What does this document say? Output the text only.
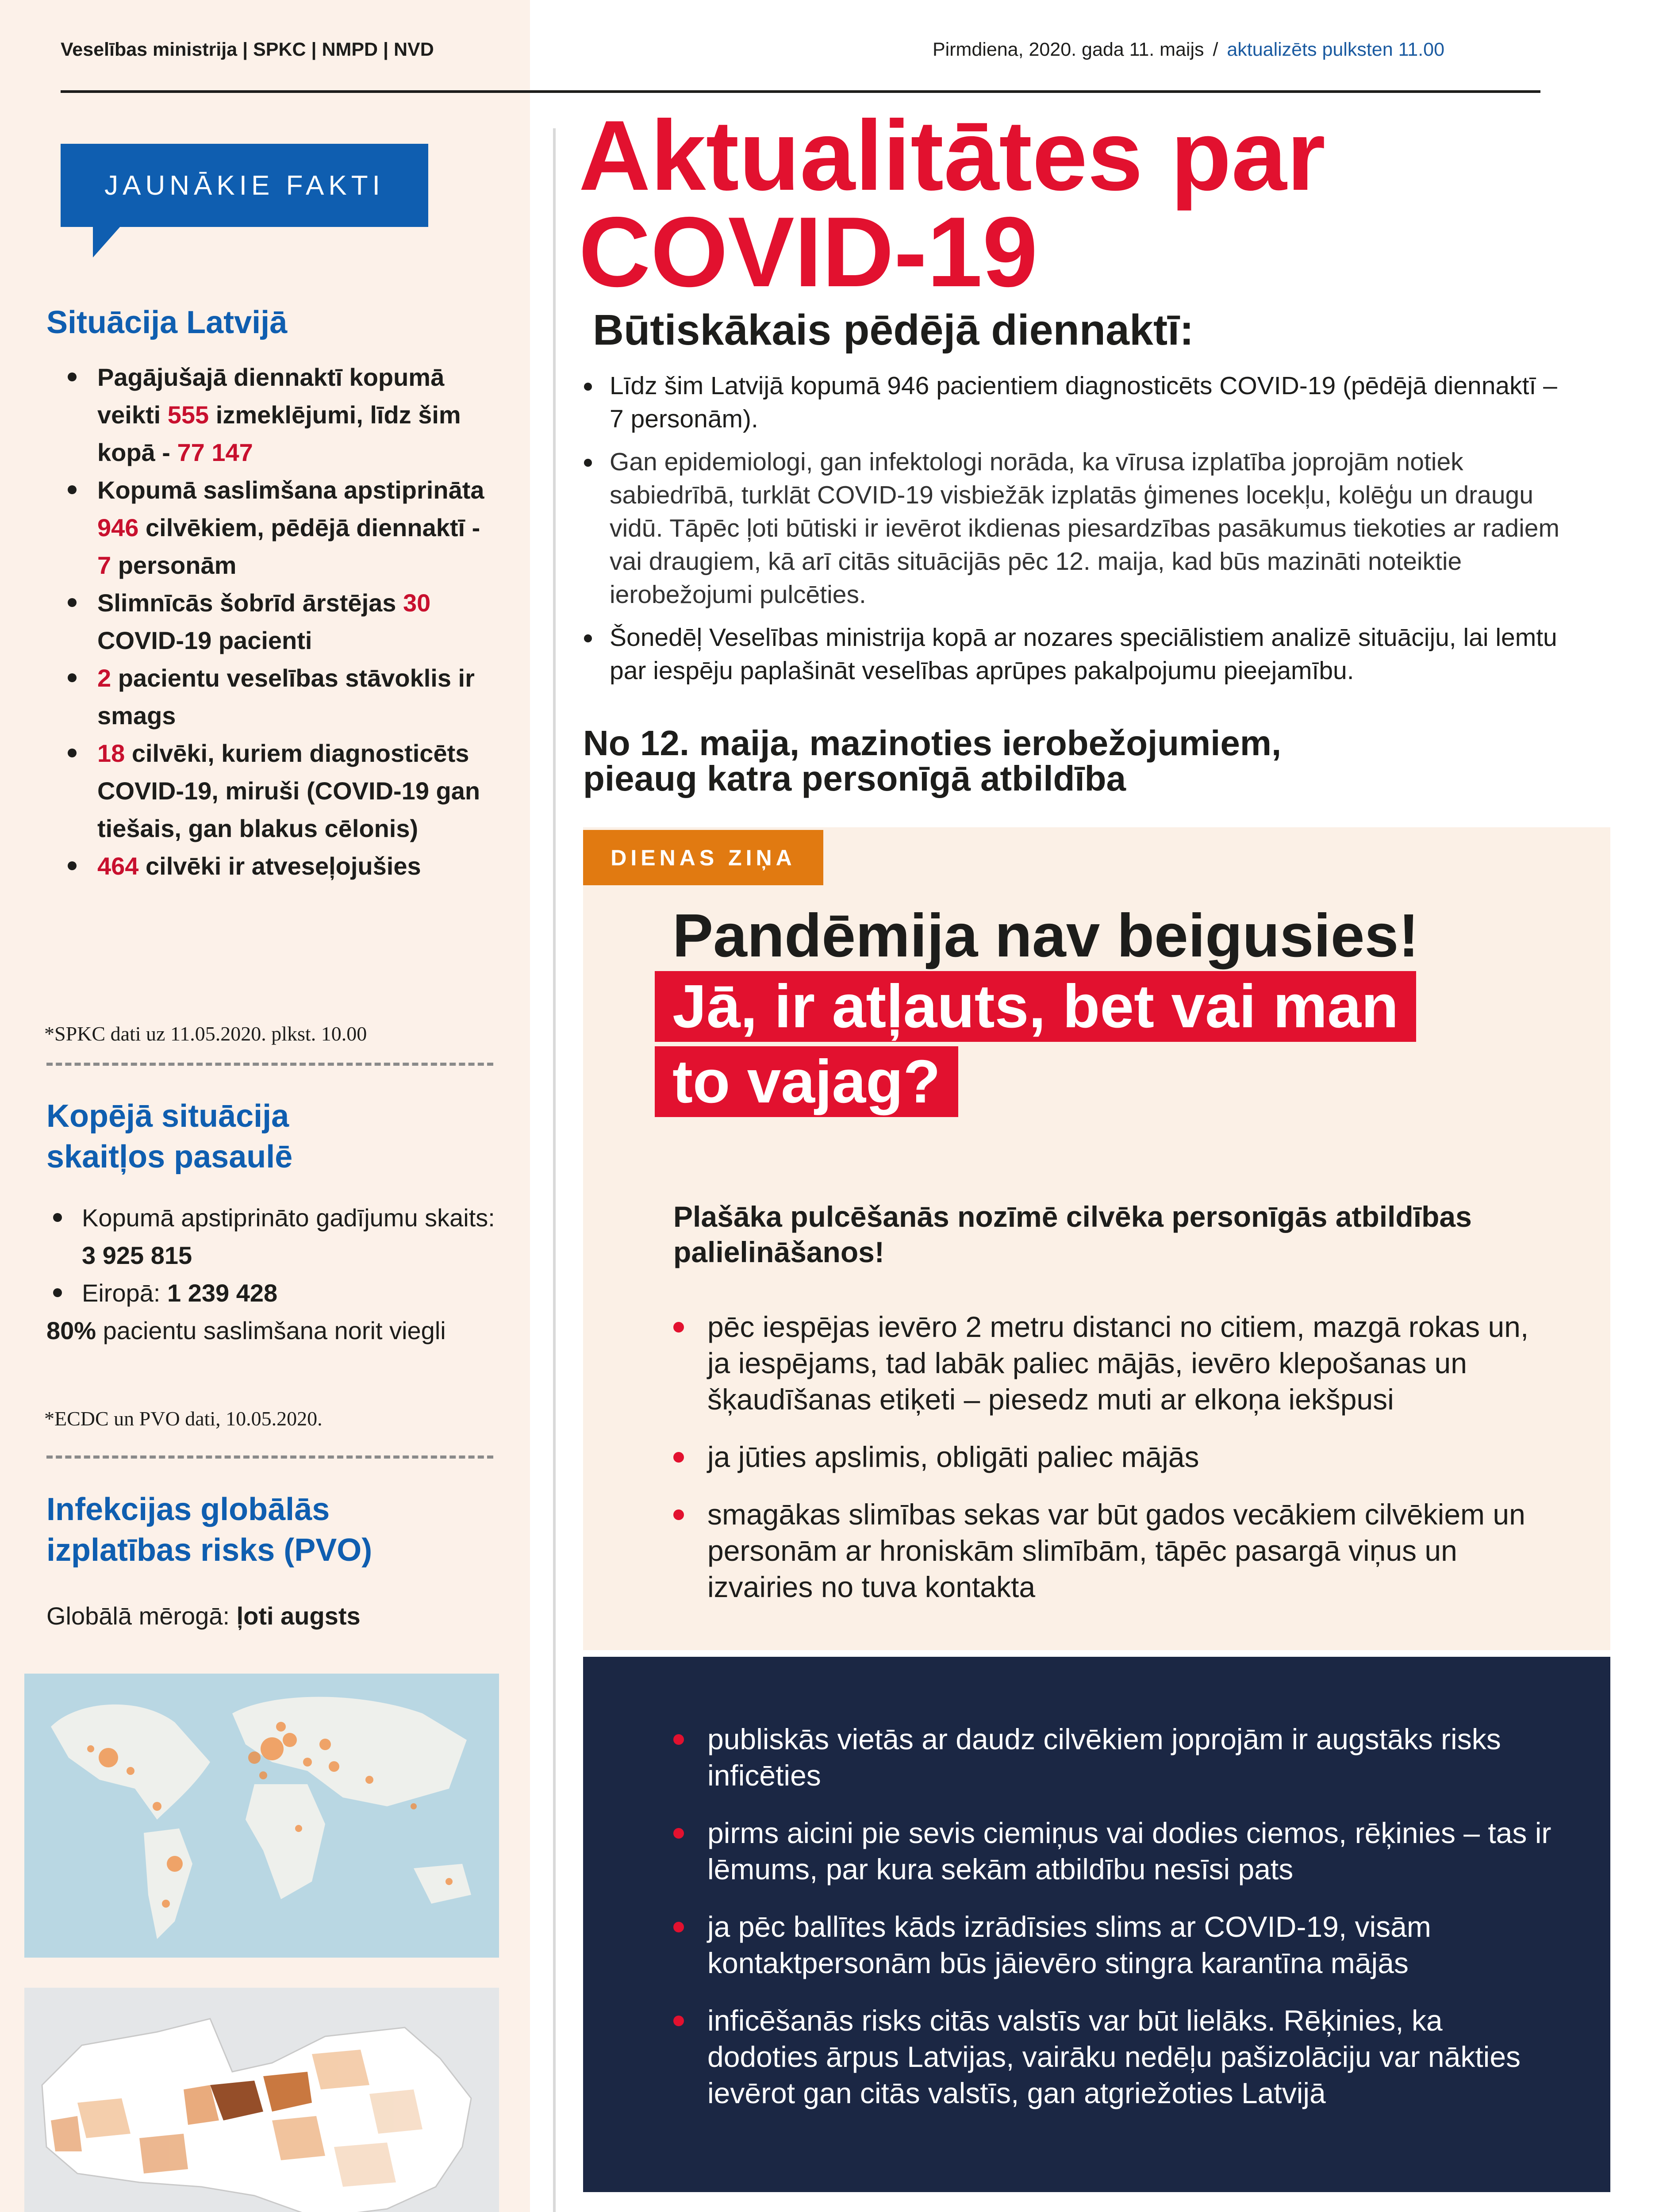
Veselības ministrija | SPKC | NMPD | NVD	Pirmdiena, 2020. gada 11. maijs / aktualizēts pulksten 11.00
JAUNĀKIE FAKTI
Situācija Latvijā
Pagājušajā diennaktī kopumā veikti 555 izmeklējumi, līdz šim kopā - 77 147
Kopumā saslimšana apstiprināta 946 cilvēkiem, pēdējā diennaktī -
7 personām
Slimnīcās šobrīd ārstējas 30 COVID-19 pacienti
2 pacientu veselības stāvoklis ir smags
18 cilvēki, kuriem diagnosticēts COVID-19, miruši (COVID-19 gan tiešais, gan blakus cēlonis)
464 cilvēki ir atveseļojušies
*SPKC dati uz 11.05.2020. plkst. 10.00
Kopējā situācija
skaitļos pasaulē
Kopumā apstiprināto gadījumu skaits: 3 925 815
Eiropā: 1 239 428
80% pacientu saslimšana norit viegli
*ECDC un PVO dati, 10.05.2020.
Infekcijas globālās
izplatības risks (PVO)
Globālā mērogā: ļoti augsts
Aktualitātes par
COVID-19
Būtiskākais pēdējā diennaktī:
Līdz šim Latvijā kopumā 946 pacientiem diagnosticēts COVID-19 (pēdējā diennaktī – 7 personām).
Gan epidemiologi, gan infektologi norāda, ka vīrusa izplatība joprojām notiek sabiedrībā, turklāt COVID-19 visbiežāk izplatās ģimenes locekļu, kolēģu un draugu vidū. Tāpēc ļoti būtiski ir ievērot ikdienas piesardzības pasākumus tiekoties ar radiem vai draugiem, kā arī citās situācijās pēc 12. maija, kad būs mazināti noteiktie ierobežojumi pulcēties.
Šonedēļ Veselības ministrija kopā ar nozares speciālistiem analizē situāciju, lai lemtu par iespēju paplašināt veselības aprūpes pakalpojumu pieejamību.
No 12. maija, mazinoties ierobežojumiem,
pieaug katra personīgā atbildība
DIENAS ZIŅA
Pandēmija nav beigusies!
Jā, ir atļauts, bet vai man
to vajag?
Plašāka pulcēšanās nozīmē cilvēka personīgās atbildības palielināšanos!
pēc iespējas ievēro 2 metru distanci no citiem, mazgā rokas un, ja iespējams, tad labāk paliec mājās, ievēro klepošanas un šķaudīšanas etiķeti – piesedz muti ar elkoņa iekšpusi
ja jūties apslimis, obligāti paliec mājās
smagākas slimības sekas var būt gados vecākiem cilvēkiem un personām ar hroniskām slimībām, tāpēc pasargā viņus un izvairies no tuva kontakta
publiskās vietās ar daudz cilvēkiem joprojām ir augstāks risks inficēties
pirms aicini pie sevis ciemiņus vai dodies ciemos, rēķinies – tas ir lēmums, par kura sekām atbildību nesīsi pats
ja pēc ballītes kāds izrādīsies slims ar COVID-19, visām kontaktpersonām būs jāievēro stingra karantīna mājās
inficēšanās risks citās valstīs var būt lielāks. Rēķinies, ka dodoties ārpus Latvijas, vairāku nedēļu pašizolāciju var nākties ievērot gan citās valstīs, gan atgriežoties Latvijā
